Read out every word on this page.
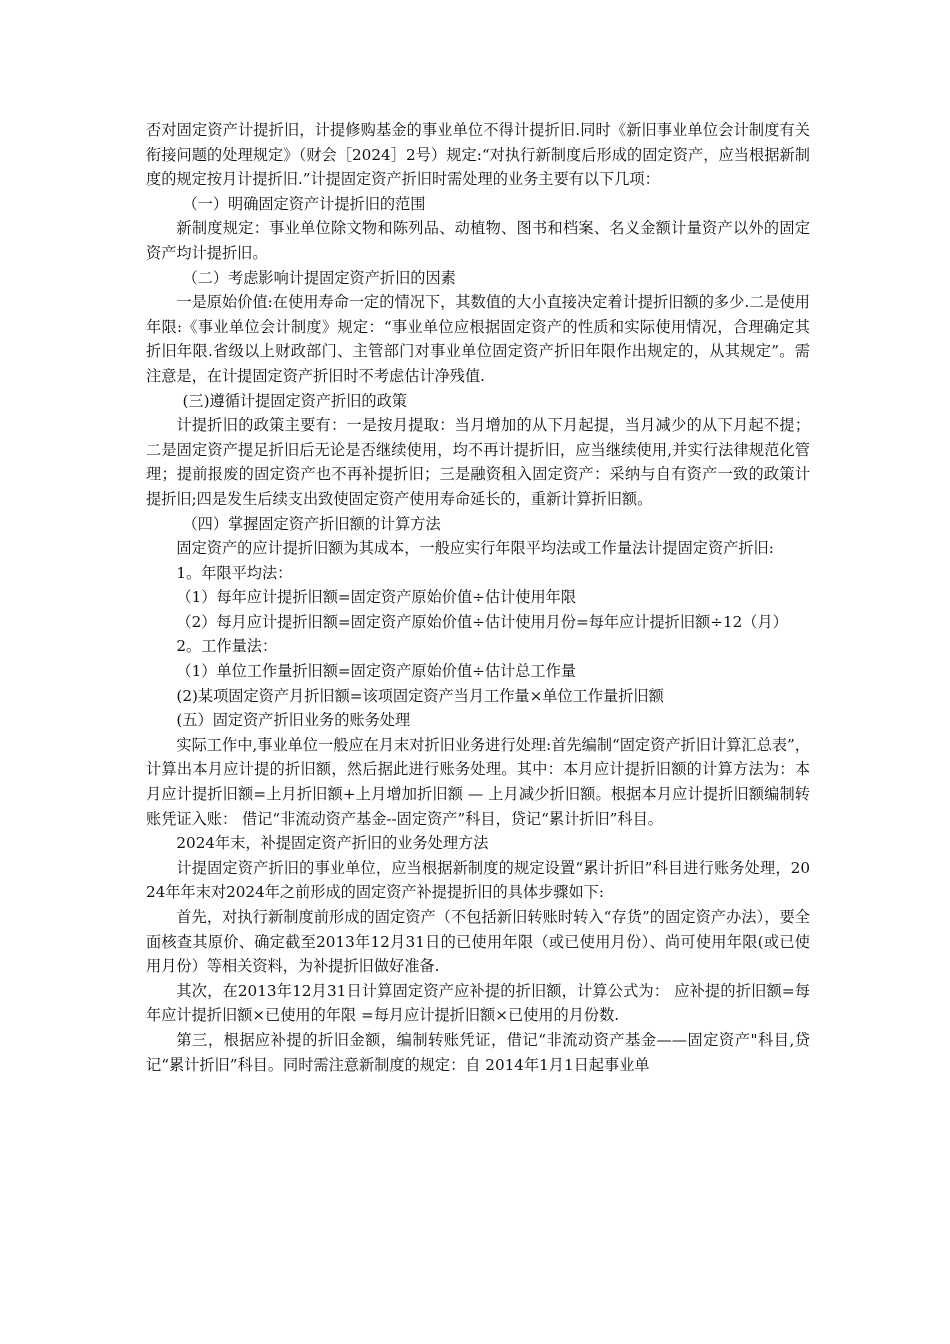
否对固定资产计提折旧，计提修购基金的事业单位不得计提折旧.同时《新旧事业单位会计制度有关衔接问题的处理规定》（财会［2024］2号）规定:“对执行新制度后形成的固定资产，应当根据新制度的规定按月计提折旧.”计提固定资产折旧时需处理的业务主要有以下几项：

（一）明确固定资产计提折旧的范围

新制度规定：事业单位除文物和陈列品、动植物、图书和档案、名义金额计量资产以外的固定资产均计提折旧。

（二）考虑影响计提固定资产折旧的因素

一是原始价值:在使用寿命一定的情况下，其数值的大小直接决定着计提折旧额的多少.二是使用年限:《事业单位会计制度》规定：“事业单位应根据固定资产的性质和实际使用情况，合理确定其折旧年限.省级以上财政部门、主管部门对事业单位固定资产折旧年限作出规定的，从其规定”。需注意是，在计提固定资产折旧时不考虑估计净残值.

(三)遵循计提固定资产折旧的政策

计提折旧的政策主要有：一是按月提取：当月增加的从下月起提，当月减少的从下月起不提；二是固定资产提足折旧后无论是否继续使用，均不再计提折旧，应当继续使用,并实行法律规范化管理；提前报废的固定资产也不再补提折旧；三是融资租入固定资产：采纳与自有资产一致的政策计提折旧;四是发生后续支出致使固定资产使用寿命延长的，重新计算折旧额。

（四）掌握固定资产折旧额的计算方法

固定资产的应计提折旧额为其成本，一般应实行年限平均法或工作量法计提固定资产折旧:

1。年限平均法：

（1）每年应计提折旧额=固定资产原始价值÷估计使用年限

（2）每月应计提折旧额=固定资产原始价值÷估计使用月份=每年应计提折旧额÷12（月）

2。工作量法：

（1）单位工作量折旧额=固定资产原始价值÷估计总工作量

(2)某项固定资产月折旧额=该项固定资产当月工作量×单位工作量折旧额

(五）固定资产折旧业务的账务处理

实际工作中,事业单位一般应在月末对折旧业务进行处理:首先编制“固定资产折旧计算汇总表”，计算出本月应计提的折旧额，然后据此进行账务处理。其中：本月应计提折旧额的计算方法为：本月应计提折旧额=上月折旧额+上月增加折旧额 — 上月减少折旧额。根据本月应计提折旧额编制转账凭证入账： 借记“非流动资产基金--固定资产”科目，贷记“累计折旧”科目。

2024年末，补提固定资产折旧的业务处理方法

计提固定资产折旧的事业单位，应当根据新制度的规定设置“累计折旧”科目进行账务处理，2024年年末对2024年之前形成的固定资产补提提折旧的具体步骤如下:

首先，对执行新制度前形成的固定资产（不包括新旧转账时转入“存货”的固定资产办法），要全面核查其原价、确定截至2013年12月31日的已使用年限（或已使用月份）、尚可使用年限(或已使用月份）等相关资料，为补提折旧做好准备.

其次，在2013年12月31日计算固定资产应补提的折旧额，计算公式为： 应补提的折旧额=每年应计提折旧额×已使用的年限 =每月应计提折旧额×已使用的月份数.

第三，根据应补提的折旧金额，编制转账凭证，借记“非流动资产基金——固定资产"科目,贷记“累计折旧”科目。同时需注意新制度的规定：自 2014年1月1日起事业单
